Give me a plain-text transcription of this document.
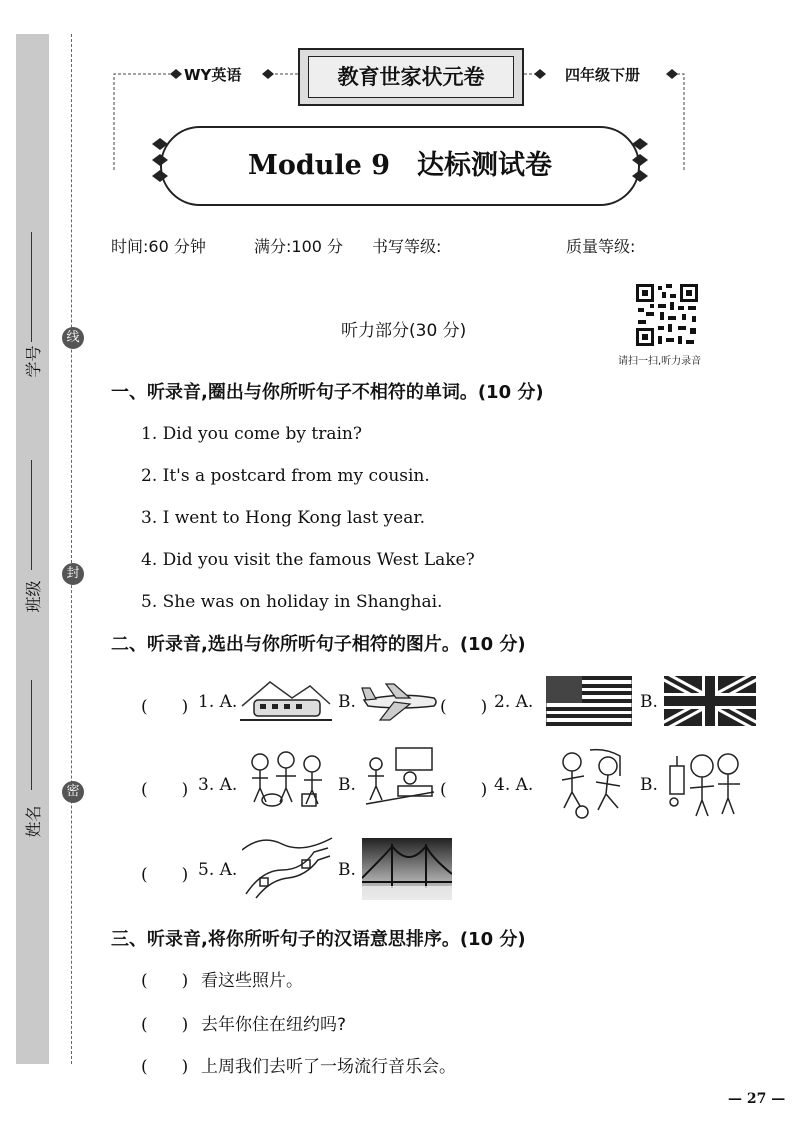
学号
班级
姓名
线
封
密
WY英语	教育世家状元卷	四年级下册
Module 9　达标测试卷
时间:60 分钟	满分:100 分 书写等级:	质量等级:
听力部分(30 分)
请扫一扫,听力录音
一、听录音,圈出与你所听句子不相符的单词。(10 分)
1. Did you come by train?
2. It's a postcard from my cousin.
3. I went to Hong Kong last year.
4. Did you visit the famous West Lake?
5. She was on holiday in Shanghai.
二、听录音,选出与你所听句子相符的图片。(10 分)
(　　) 1. A.	B.	(　　) 2. A.	B.
(　　) 3. A.	B.	(　　) 4. A.	B.
(　　) 5. A.	B.
三、听录音,将你所听句子的汉语意思排序。(10 分)
(　　) 看这些照片。
(　　) 去年你住在纽约吗?
(　　) 上周我们去听了一场流行音乐会。
— 27 —
